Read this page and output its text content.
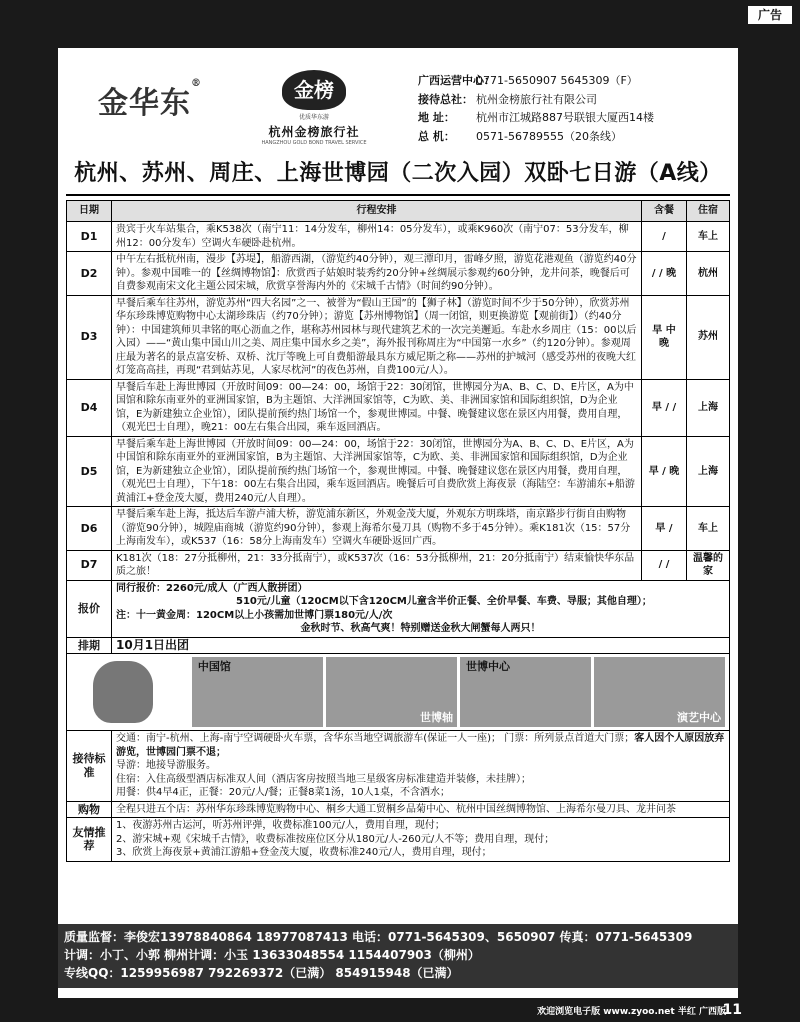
广告
金华东®	金榜
优质华东游
杭州金榜旅行社
HANGZHOU GOLD BOND TRAVEL SERVICE
广西运营中心：0771-5650907 5645309（F）
接待总社： 杭州金榜旅行社有限公司
地 址： 杭州市江城路887号联银大厦西14楼
总 机： 0571-56789555（20条线）
杭州、苏州、周庄、上海世博园（二次入园）双卧七日游（A线）
日期	行程安排	含餐	住宿
D1	贵宾于火车站集合，乘K538次（南宁11：14分发车，柳州14：05分发车），或乘K960次（南宁07：53分发车，柳州12：00分发车）空调火车硬卧赴杭州。	/	车上
D2	中午左右抵杭州南，漫步【苏堤】，船游西湖，（游览约40分钟），观三潭印月，雷峰夕照，游览花港观鱼（游览约40分钟）。参观中国唯一的【丝绸博物馆】：欣赏西子姑娘时装秀约20分钟+丝绸展示参观约60分钟，龙井问茶，晚餐后可自费参观南宋文化主题公园宋城，欣赏享誉海内外的《宋城千古情》（时间约90分钟）。	/ / 晚	杭州
D3	早餐后乘车往苏州，游览苏州“四大名园”之一、被誉为“假山王国”的【狮子林】（游览时间不少于50分钟），欣赏苏州华东珍珠博览购物中心太湖珍珠店（约70分钟）；游览【苏州博物馆】（周一闭馆，则更换游览【观前街】）（约40分钟）：中国建筑师贝聿铭的呕心沥血之作，堪称苏州园林与现代建筑艺术的一次完美邂逅。车赴水乡周庄（15：00以后入园）——“黄山集中国山川之美、周庄集中国水乡之美”，海外报刊称周庄为“中国第一水乡”（约120分钟）。参观周庄最为著名的景点富安桥、双桥、沈厅等晚上可自费船游最具东方威尼斯之称——苏州的护城河（感受苏州的夜晚大红灯笼高高挂，再现“君到姑苏见，人家尽枕河”的夜色苏州，自费100元/人）。	早 中 晚	苏州
D4	早餐后车赴上海世博园（开放时间09：00—24：00，场馆于22：30闭馆，世博园分为A、B、C、D、E片区，A为中国馆和除东南亚外的亚洲国家馆，B为主题馆、大洋洲国家馆等，C为欧、美、非洲国家馆和国际组织馆，D为企业馆，E为新建独立企业馆），团队提前预约热门场馆一个，参观世博园。中餐、晚餐建议您在景区内用餐，费用自理，（观光巴士自理），晚21：00左右集合出园，乘车返回酒店。	早 / /	上海
D5	早餐后乘车赴上海世博园（开放时间09：00—24：00，场馆于22：30闭馆，世博园分为A、B、C、D、E片区，A为中国馆和除东南亚外的亚洲国家馆，B为主题馆、大洋洲国家馆等，C为欧、美、非洲国家馆和国际组织馆，D为企业馆，E为新建独立企业馆），团队提前预约热门场馆一个，参观世博园。中餐、晚餐建议您在景区内用餐，费用自理，（观光巴士自理），下午18：00左右集合出园，乘车返回酒店。晚餐后可自费欣赏上海夜景（海陆空：车游浦东+船游黄浦江+登金茂大厦，费用240元/人自理）。	早 / 晚	上海
D6	早餐后乘车赴上海，抵达后车游卢浦大桥，游览浦东新区，外观金茂大厦，外观东方明珠塔，南京路步行街自由购物（游览90分钟），城隍庙商城（游览约90分钟），参观上海希尔曼刀具（购物不多于45分钟）。乘K181次（15：57分上海南发车），或K537（16：58分上海南发车）空调火车硬卧返回广西。	早 /	车上
D7	K181次（18：27分抵柳州，21：33分抵南宁），或K537次（16：53分抵柳州，21：20分抵南宁）结束愉快华东品质之旅！	/ /	温馨的家
报价	同行报价：2260元/成人（广西人散拼团）
510元/儿童（120CM以下含120CM儿童含半价正餐、全价早餐、车费、导服；其他自理）；
注：十一黄金周：120CM以上小孩需加世博门票180元/人/次
金秋时节、秋高气爽！特别赠送金秋大闸蟹每人两只！		

排期	10月1日出团		

中国馆
世博轴
世博中心
演艺中心			

接待标准	交通：南宁-杭州、上海-南宁空调硬卧火车票，含华东当地空调旅游车(保证一人一座)； 门票：所列景点首道大门票；客人因个人原因放弃游览，世博园门票不退；
导游：地接导游服务。
住宿：入住高级型酒店标准双人间（酒店客房按照当地三星级客房标准建造并装修，未挂牌）；
用餐：供4早4正，正餐：20元/人/餐；正餐8菜1汤，10人1桌，不含酒水；		

购物	全程只进五个店：苏州华东珍珠博览购物中心、桐乡大通工贸桐乡品菊中心、杭州中国丝绸博物馆、上海希尔曼刀具、龙井问茶		
友情推荐	1、夜游苏州古运河，听苏州评弹，收费标准100元/人，费用自理，现付；
2、游宋城+观《宋城千古情》，收费标准按座位区分从180元/人-260元/人不等；费用自理，现付；
3、欣赏上海夜景+黄浦江游船+登金茂大厦，收费标准240元/人，费用自理，现付；		
质量监督：李俊宏13978840864 18977087413 电话：0771-5645309、5650907 传真：0771-5645309
计调：小丁、小郭 柳州计调：小玉 13633048554 1154407903（柳州）
专线QQ：1259956987 792269372（已满） 854915948（已满）
欢迎浏览电子版 www.zyoo.net 半红 广西版
11
